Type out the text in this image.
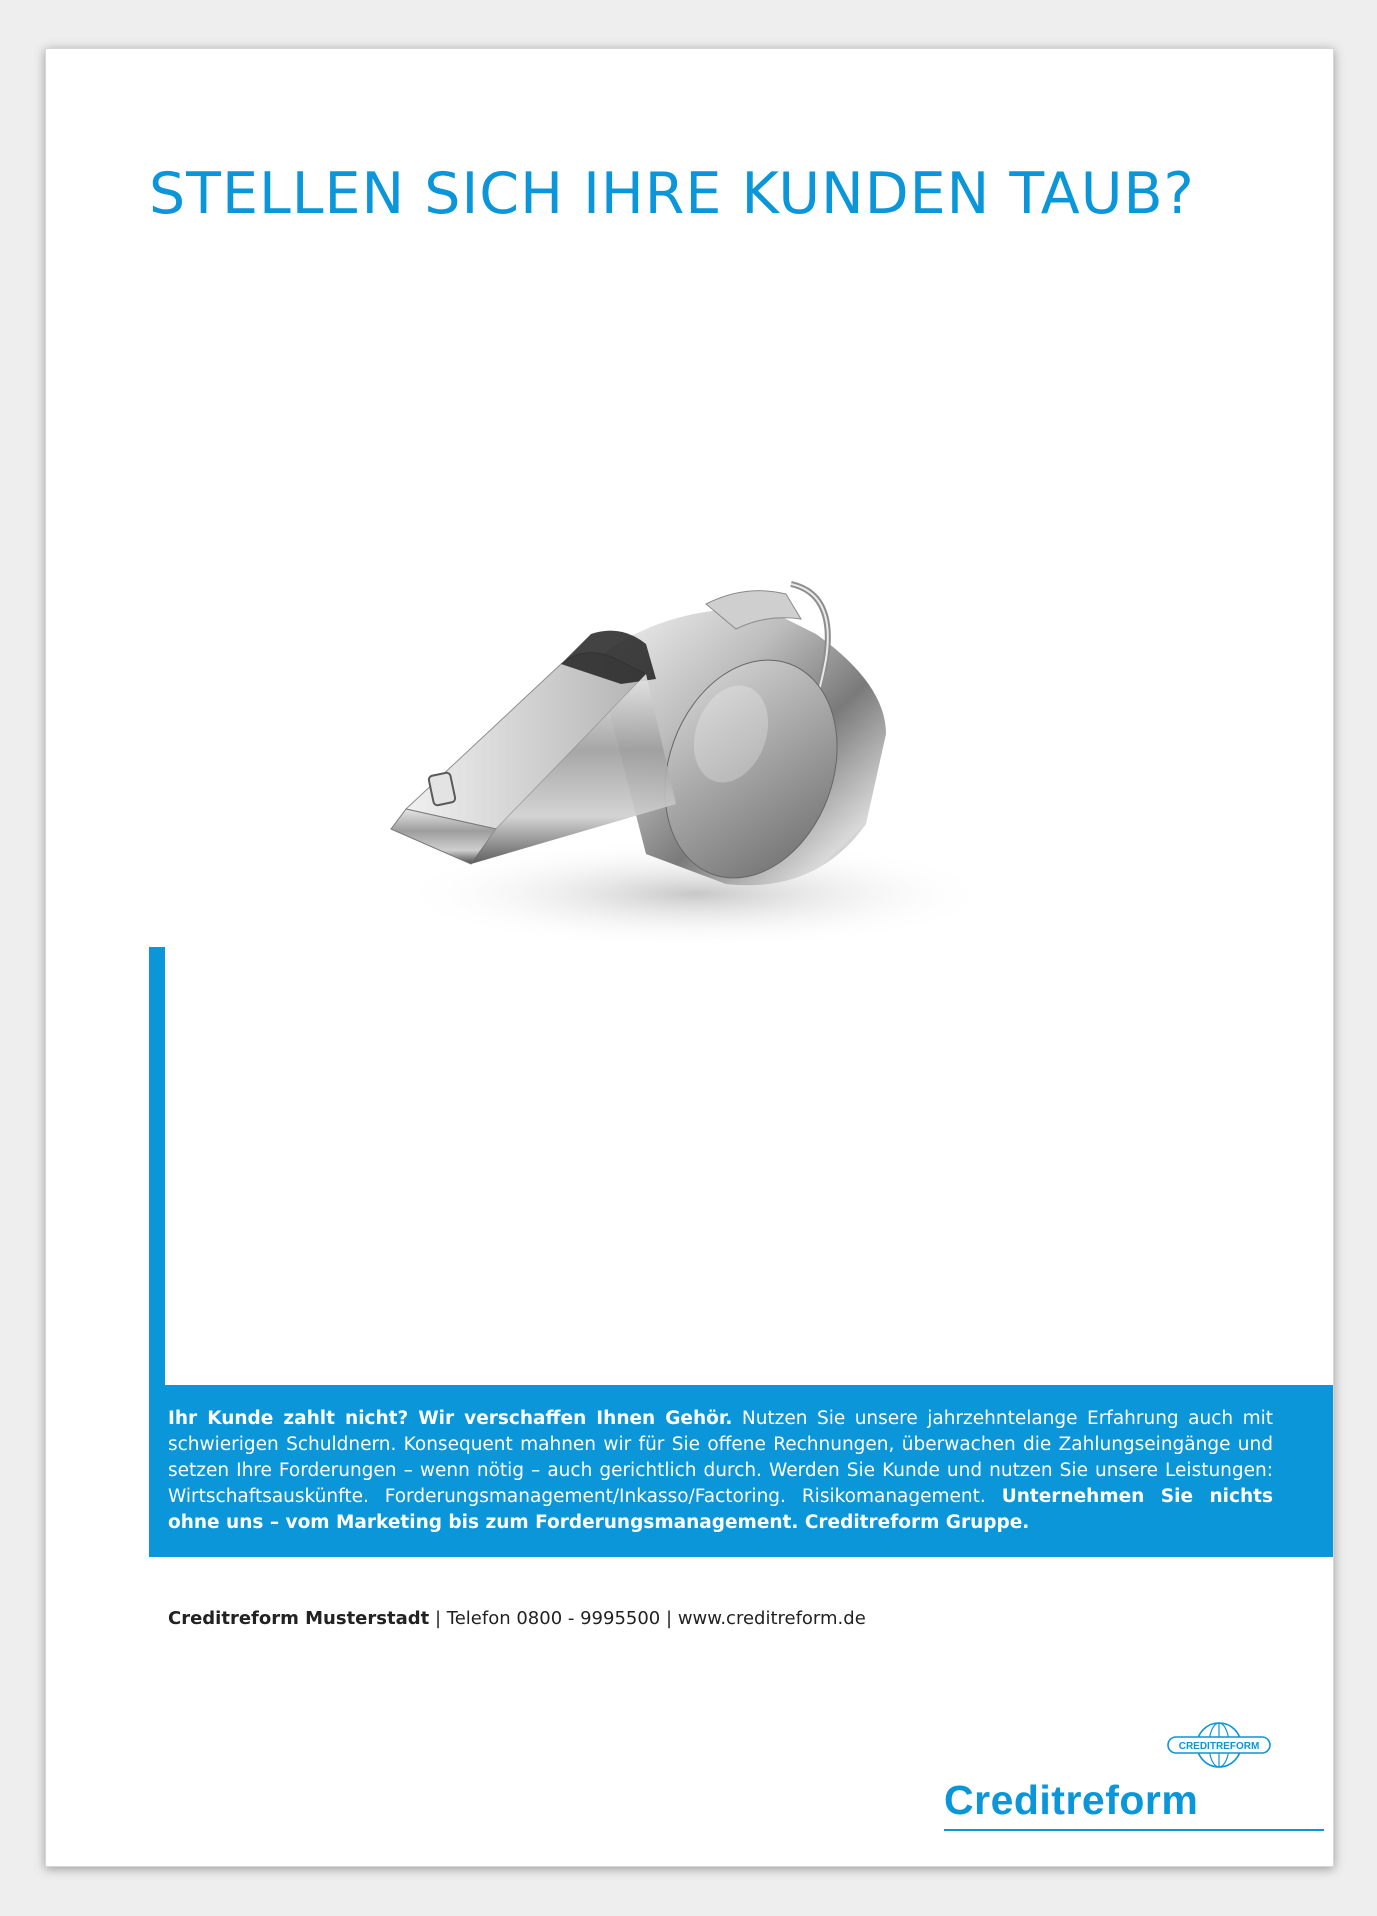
STELLEN SICH IHRE KUNDEN TAUB?
Ihr Kunde zahlt nicht? Wir verschaffen Ihnen Gehör. Nutzen Sie unsere jahrzehntelange Erfahrung auch mit schwierigen Schuldnern. Konsequent mahnen wir für Sie offene Rechnungen, überwachen die Zahlungseingänge und setzen Ihre Forderungen – wenn nötig – auch gerichtlich durch. Werden Sie Kunde und nutzen Sie unsere Leistungen: Wirtschaftsauskünfte. Forderungsmanagement/Inkasso/Factoring. Risikomanagement. Unternehmen Sie nichts ohne uns – vom Marketing bis zum Forderungsmanagement. Creditreform Gruppe.
Creditreform Musterstadt | Telefon 0800 - 9995500 | www.creditreform.de
CREDITREFORM
Creditreform
